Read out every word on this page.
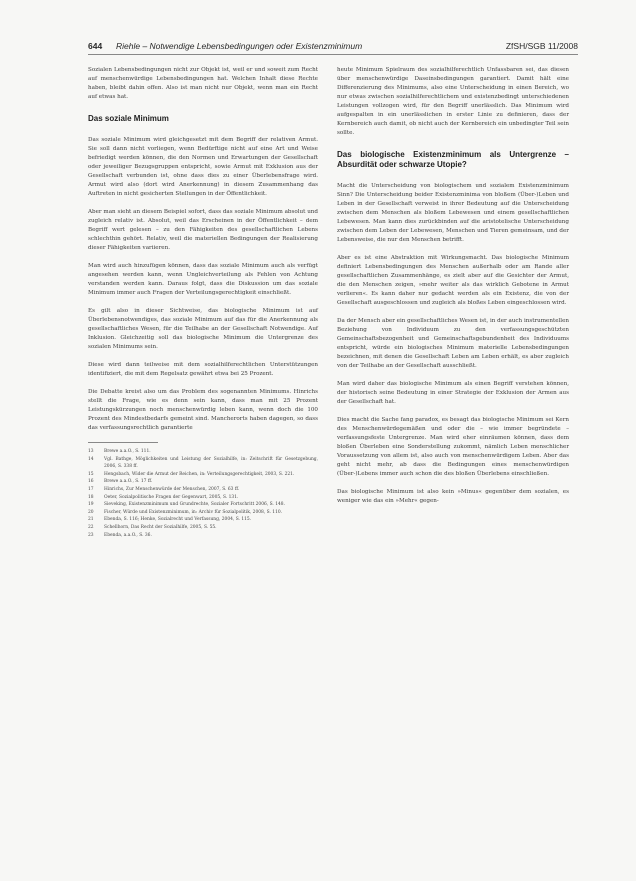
644 Riehle – Notwendige Lebensbedingungen oder Existenzminimum	ZfSH/SGB 11/2008

Sozialen Lebensbedingungen nicht zur Objekt ist, weil er und soweit zum Recht auf menschenwürdige Lebensbedingungen hat. Welchen Inhalt diese Rechte haben, bleibt dahin offen. Also ist man nicht nur Objekt, wenn man ein Recht auf etwas hat.

Das soziale Minimum

Das soziale Minimum wird gleichgesetzt mit dem Begriff der relativen Armut. Sie soll dann nicht vorliegen, wenn Bedürftige nicht auf eine Art und Weise befriedigt werden können, die den Normen und Erwartungen der Gesellschaft oder jeweiliger Bezugsgruppen entspricht, sowie Armut mit Exklusion aus der Gesellschaft verbunden ist, ohne dass dies zu einer Überlebensfrage wird. Armut wird also (dort wird Anerkennung) in diesem Zusammenhang das Auftreten in nicht gesicherten Stellungen in der Öffentlichkeit.

Aber man sieht an diesem Beispiel sofort, dass das soziale Minimum absolut und zugleich relativ ist. Absolut, weil das Erscheinen in der Öffentlichkeit – dem Begriff wert gelesen – zu den Fähigkeiten des gesellschaftlichen Lebens schlechthin gehört. Relativ, weil die materiellen Bedingungen der Realisierung dieser Fähigkeiten variieren.

Man wird auch hinzufügen können, dass das soziale Minimum auch als verfügt angesehen werden kann, wenn Ungleichverteilung als Fehlen von Achtung verstanden werden kann. Daraus folgt, dass die Diskussion um das soziale Minimum immer auch Fragen der Verteilungsgerechtigkeit einschließt.

Es gilt also in dieser Sichtweise, das biologische Minimum ist auf Überlebensnotwendiges, das soziale Minimum auf das für die Anerkennung als gesellschaftliches Wesen, für die Teilhabe an der Gesellschaft Notwendige. Auf Inklusion. Gleichzeitig soll das biologische Minimum die Untergrenze des sozialen Minimums sein.

Diese wird dann teilweise mit dem sozialhilferechtlichen Unterstützungen identifiziert, die mit dem Regelsatz gewährt etwa bei 25 Prozent.

Die Debatte kreist also um das Problem des sogenannten Minimums. Hinrichs stellt die Frage, wie es denn sein kann, dass man mit 25 Prozent Leistungskürzungen noch menschenwürdig leben kann, wenn doch die 100 Prozent des Mindestbedarfs gemeint sind. Mancherorts haben dagegen, so dass das verfassungsrechtlich garantierte

13	Brewe a.a.O., S. 111.
14	Vgl. Bathge, Möglichkeiten und Leistung der Sozialhilfe, in: Zeitschrift für Gesetzgebung, 2006, S. 338 ff.
15	Hengsbach, Wider die Armut der Reichen, in: Verteilungsgerechtigkeit, 2003, S. 221.
16	Brewe a.a.O., S. 17 ff.
17	Hinrichs, Zur Menschenwürde der Menschen, 2007, S. 63 ff.
18	Oeter, Sozialpolitische Fragen der Gegenwart, 2005, S. 131.
19	Sieveking, Existenzminimum und Grundrechte, Sozialer Fortschritt 2006, S. 148.
20	Fischer, Würde und Existenzminimum, in: Archiv für Sozialpolitik, 2008, S. 110.
21	Ebenda, S. 116; Henke, Sozialrecht und Verfassung, 2004, S. 115.
22	Schellhorn, Das Recht der Sozialhilfe, 2005, S. 55.
23	Ebenda, a.a.O., S. 36.

heute Minimum Spielraum des sozialhilferechtlich Unfassbaren sei, das diesen über menschenwürdige Daseinsbedingungen garantiert. Damit hält eine Differenzierung des Minimums, also eine Unterscheidung in einen Bereich, wo nur etwas zwischen sozialhilferechtlichem und existenzbedingt unterschiedenen Leistungen vollzogen wird, für den Begriff unerlässlich. Das Minimum wird aufgespalten in ein unerlässlichen in erster Linie zu definieren, dass der Kernbereich auch damit, ob nicht auch der Kernbereich ein unbedingter Teil sein sollte.

Das biologische Existenzminimum als Untergrenze – Absurdität oder schwarze Utopie?

Macht die Unterscheidung von biologischem und sozialem Existenzminimum Sinn? Die Unterscheidung beider Existenzminima von bloßem (Über-)Leben und Leben in der Gesellschaft verweist in ihrer Bedeutung auf die Unterscheidung zwischen dem Menschen als bloßem Lebewesen und einem gesellschaftlichen Lebewesen. Man kann dies zurückbinden auf die aristotelische Unterscheidung zwischen dem Leben der Lebewesen, Menschen und Tieren gemeinsam, und der Lebensweise, die nur den Menschen betrifft.

Aber es ist eine Abstraktion mit Wirkungsmacht. Das biologische Minimum definiert Lebensbedingungen des Menschen außerhalb oder am Rande aller gesellschaftlichen Zusammenhänge, es zielt aber auf die Gesichter der Armut, die den Menschen zeigen, »mehr weiter als das wirklich Gebotene in Armut verlieren«. Es kann daher nur gedacht werden als ein Existenz, die von der Gesellschaft ausgeschlossen und zugleich als bloßes Leben eingeschlossen wird.

Da der Mensch aber ein gesellschaftliches Wesen ist, in der auch instrumentellen Beziehung von Individuum zu den verfassungsgeschützten Gemeinschaftsbezogenheit und Gemeinschaftsgebundenheit des Individuums entspricht, würde ein biologisches Minimum materielle Lebensbedingungen bezeichnen, mit denen die Gesellschaft Leben am Leben erhält, es aber zugleich von der Teilhabe an der Gesellschaft ausschließt.

Man wird daher das biologische Minimum als einen Begriff verstehen können, der historisch seine Bedeutung in einer Strategie der Exklusion der Armen aus der Gesellschaft hat.

Dies macht die Sache fang paradox, es besagt das biologische Minimum sei Kern des Menschenwürdegemäßen und oder die – wie immer begründete – verfassungsfeste Untergrenze. Man wird eher einräumen können, dass dem bloßen Überleben eine Sonderstellung zukommt, nämlich Leben menschlicher Voraussetzung von allem ist, also auch von menschenwürdigem Leben. Aber das geht nicht mehr, ab dass die Bedingungen eines menschenwürdigen (Über-)Lebens immer auch schon die des bloßen Überlebens einschließen.

Das biologische Minimum ist also kein »Minus« gegenüber dem sozialen, es weniger wie das ein »Mehr« gegen-
